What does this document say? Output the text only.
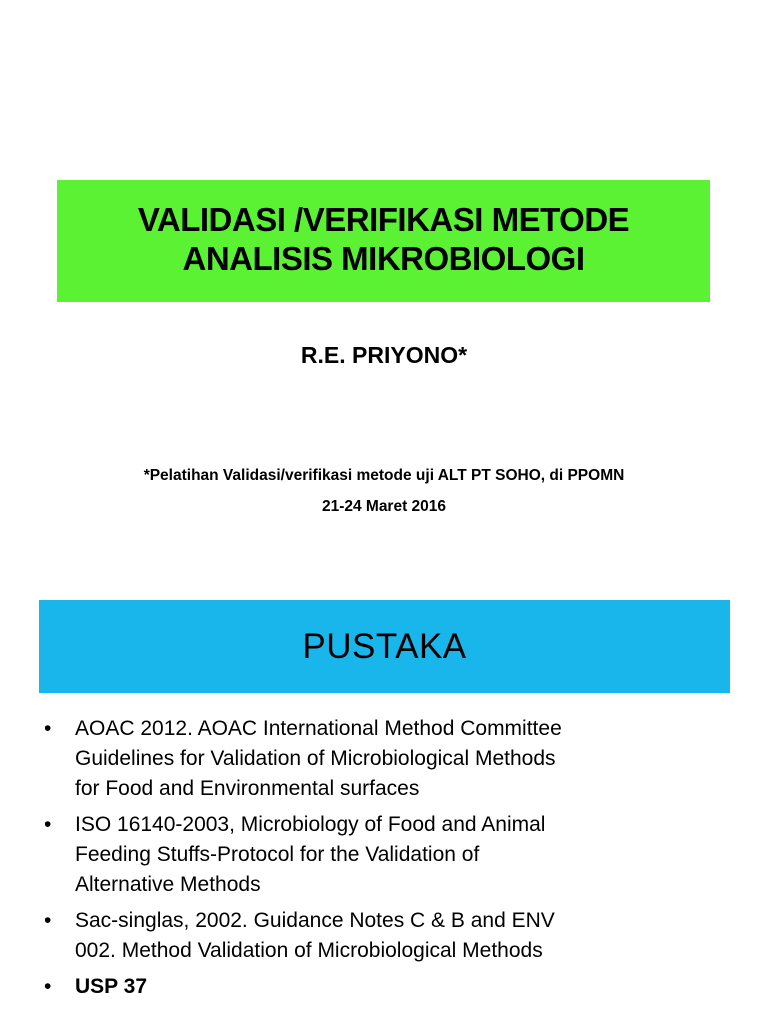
VALIDASI /VERIFIKASI METODE
ANALISIS MIKROBIOLOGI
R.E. PRIYONO*
*Pelatihan Validasi/verifikasi metode uji ALT PT SOHO, di PPOMN
21-24 Maret 2016
PUSTAKA
• AOAC 2012. AOAC International Method Committee
Guidelines for Validation of Microbiological Methods
for Food and Environmental surfaces
• ISO 16140-2003, Microbiology of Food and Animal
Feeding Stuffs-Protocol for the Validation of
Alternative Methods
• Sac-singlas, 2002. Guidance Notes C & B and ENV
002. Method Validation of Microbiological Methods
• USP 37
